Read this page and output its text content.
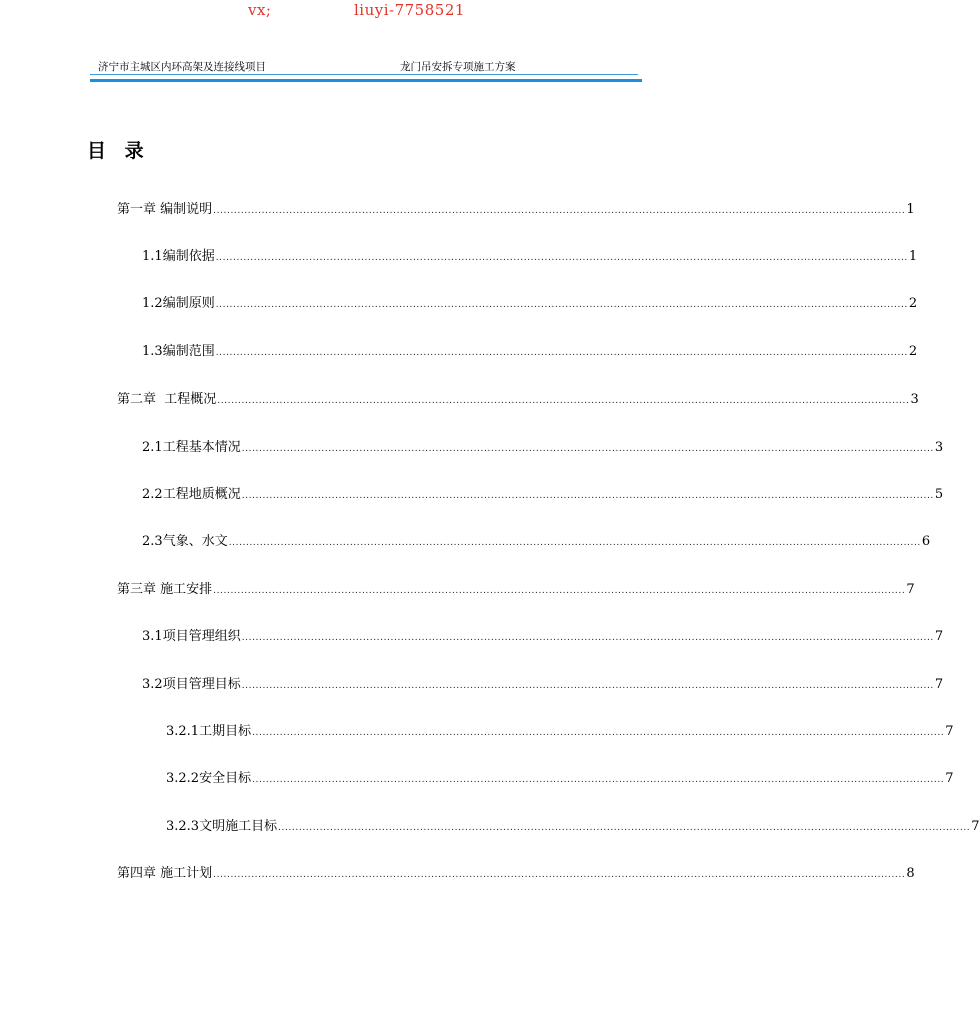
vx;	liuyi-7758521
济宁市主城区内环高架及连接线项目	龙门吊安拆专项施工方案
目 录
第一章 编制说明 ........................................................................................................................................................................................................ 1
1.1 编制依据 ........................................................................................................................................................................................................ 1
1.2 编制原则 ........................................................................................................................................................................................................ 2
1.3 编制范围 ........................................................................................................................................................................................................ 2
第二章  工程概况 ........................................................................................................................................................................................................ 3
2.1 工程基本情况 ........................................................................................................................................................................................................ 3
2.2 工程地质概况 ........................................................................................................................................................................................................ 5
2.3 气象、水文 ........................................................................................................................................................................................................ 6
第三章 施工安排 ........................................................................................................................................................................................................ 7
3.1 项目管理组织 ........................................................................................................................................................................................................ 7
3.2 项目管理目标 ........................................................................................................................................................................................................ 7
3.2.1 工期目标 ........................................................................................................................................................................................................ 7
3.2.2 安全目标 ........................................................................................................................................................................................................ 7
3.2.3 文明施工目标 ........................................................................................................................................................................................................ 7
第四章 施工计划 ........................................................................................................................................................................................................ 8
